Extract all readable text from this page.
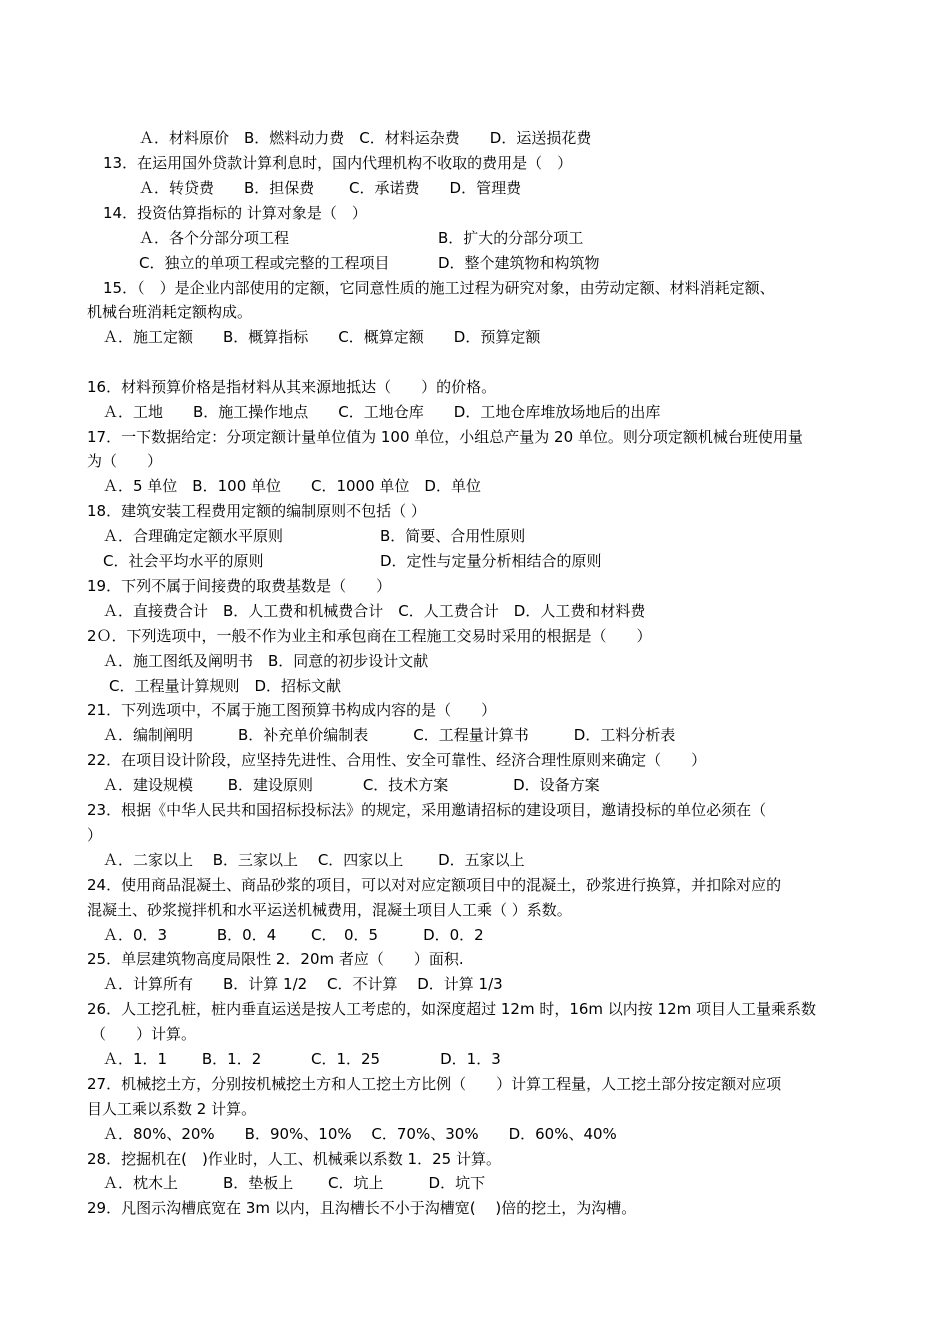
Ａ．材料原价　B．燃料动力费　C．材料运杂费　　D．运送损花费
13．在运用国外贷款计算利息时，国内代理机构不收取的费用是（　）
Ａ．转贷费　　B．担保费　　 C．承诺费　　D．管理费
14．投资估算指标的 计算对象是（　）
Ａ．各个分部分项工程	B．扩大的分部分项工
C．独立的单项工程或完整的工程项目	D．整个建筑物和构筑物
15．（　）是企业内部使用的定额，它同意性质的施工过程为研究对象，由劳动定额、材料消耗定额、
机械台班消耗定额构成。
Ａ．施工定额　　B．概算指标　　C．概算定额　　D．预算定额
16．材料预算价格是指材料从其来源地抵达（　　）的价格。
Ａ．工地　　B．施工操作地点　　C．工地仓库　　D．工地仓库堆放场地后的出库
17．一下数据给定：分项定额计量单位值为 100 单位，小组总产量为 20 单位。则分项定额机械台班使用量
为（　　）
Ａ．5 单位　B．100 单位　　C．1000 单位　D．单位
18．建筑安装工程费用定额的编制原则不包括（ ）
Ａ．合理确定定额水平原则	B．简要、合用性原则
C．社会平均水平的原则	D．定性与定量分析相结合的原则
19．下列不属于间接费的取费基数是（　　）
Ａ．直接费合计　B．人工费和机械费合计　C．人工费合计　D．人工费和材料费
2Ｏ．下列选项中，一般不作为业主和承包商在工程施工交易时采用的根据是（　　）
Ａ．施工图纸及阐明书　B．同意的初步设计文献
C．工程量计算规则　D．招标文献
21．下列选项中，不属于施工图预算书构成内容的是（　　）
Ａ．编制阐明　　　B．补充单价编制表　　　C．工程量计算书　　　D．工料分析表
22．在项目设计阶段，应坚持先进性、合用性、安全可靠性、经济合理性原则来确定（　　）
Ａ．建设规模　　 B．建设原则　　　 C．技术方案　　　　 D．设备方案
23．根据《中华人民共和国招标投标法》的规定，采用邀请招标的建设项目，邀请投标的单位必须在（
）
Ａ．二家以上　 B．三家以上　 C．四家以上　　 D．五家以上
24．使用商品混凝土、商品砂浆的项目，可以对对应定额项目中的混凝土，砂浆进行换算，并扣除对应的
混凝土、砂浆搅拌机和水平运送机械费用，混凝土项目人工乘（ ）系数。
Ａ．0．3　　　 B．0．4　　 C．　0．5　　　D．0．2
25．单层建筑物高度局限性 2．20m 者应（　　）面积.
Ａ．计算所有　　B．计算 1/2　 C．不计算　 D．计算 1/3
26．人工挖孔桩，桩内垂直运送是按人工考虑的，如深度超过 12m 时，16m 以内按 12m 项目人工量乘系数
（　　）计算。
Ａ．1．1　　 B．1．2　　　 C．1．25　　　　D．1．3
27．机械挖土方，分别按机械挖土方和人工挖土方比例（　　）计算工程量，人工挖土部分按定额对应项
目人工乘以系数 2 计算。
Ａ．80%、20%　　B．90%、10%　 C．70%、30%　　D．60%、40%
28．挖掘机在(　)作业时，人工、机械乘以系数 1．25 计算。
Ａ．枕木上　　　B．垫板上　　 C．坑上　　　D．坑下
29．凡图示沟槽底宽在 3m 以内，且沟槽长不小于沟槽宽(　 )倍的挖土，为沟槽。
